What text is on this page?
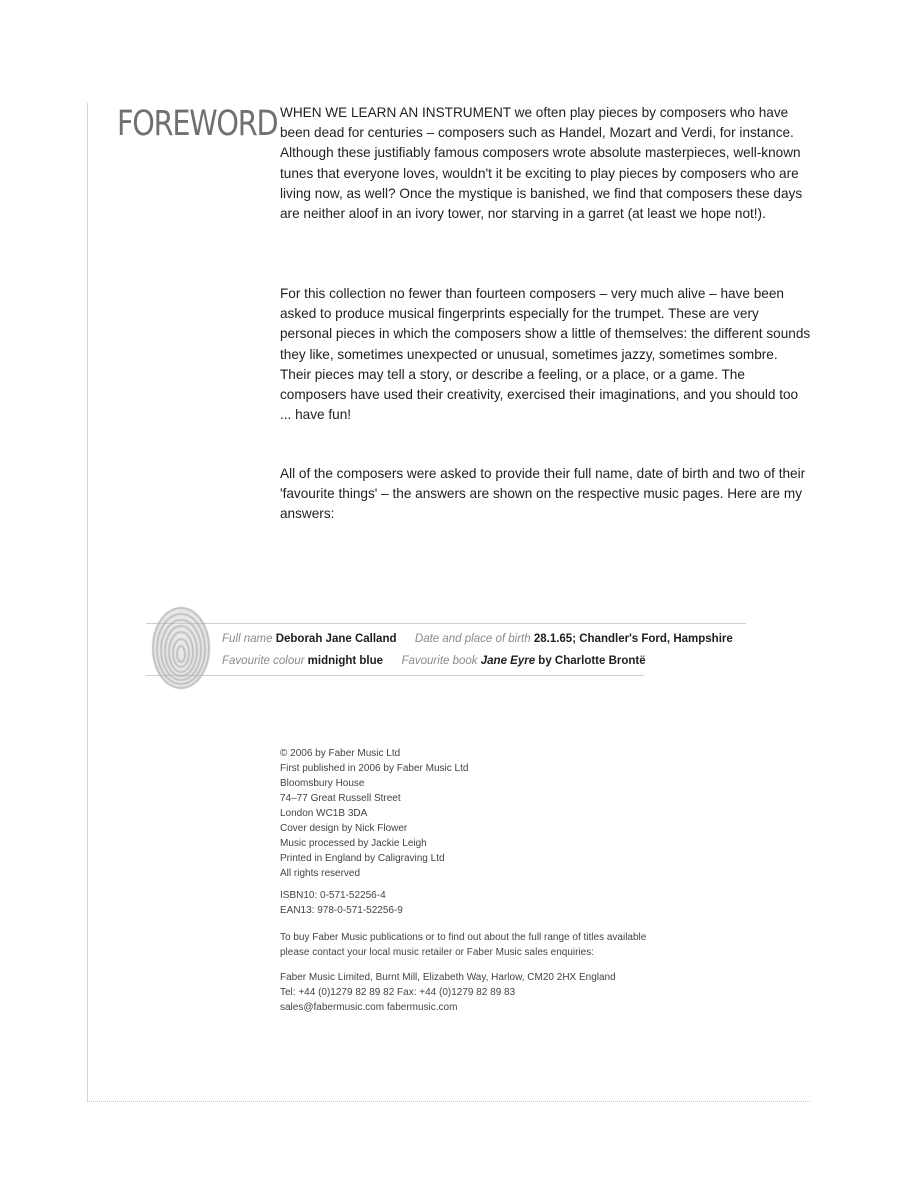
FOREWORD WHEN WE LEARN AN INSTRUMENT we often play pieces by composers who have been dead for centuries – composers such as Handel, Mozart and Verdi, for instance. Although these justifiably famous composers wrote absolute masterpieces, well-known tunes that everyone loves, wouldn't it be exciting to play pieces by composers who are living now, as well? Once the mystique is banished, we find that composers these days are neither aloof in an ivory tower, nor starving in a garret (at least we hope not!).

For this collection no fewer than fourteen composers – very much alive – have been asked to produce musical fingerprints especially for the trumpet. These are very personal pieces in which the composers show a little of themselves: the different sounds they like, sometimes unexpected or unusual, sometimes jazzy, sometimes sombre. Their pieces may tell a story, or describe a feeling, or a place, or a game. The composers have used their creativity, exercised their imaginations, and you should too ... have fun!

All of the composers were asked to provide their full name, date of birth and two of their 'favourite things' – the answers are shown on the respective music pages. Here are my answers:

Full name Deborah Jane Calland Date and place of birth 28.1.65; Chandler's Ford, Hampshire
Favourite colour midnight blue Favourite book Jane Eyre by Charlotte Brontë
© 2006 by Faber Music Ltd
First published in 2006 by Faber Music Ltd
Bloomsbury House
74–77 Great Russell Street
London WC1B 3DA
Cover design by Nick Flower
Music processed by Jackie Leigh
Printed in England by Caligraving Ltd
All rights reserved
ISBN10: 0-571-52256-4
EAN13: 978-0-571-52256-9
To buy Faber Music publications or to find out about the full range of titles available
please contact your local music retailer or Faber Music sales enquiries:
Faber Music Limited, Burnt Mill, Elizabeth Way, Harlow, CM20 2HX England
Tel: +44 (0)1279 82 89 82 Fax: +44 (0)1279 82 89 83
sales@fabermusic.com fabermusic.com
